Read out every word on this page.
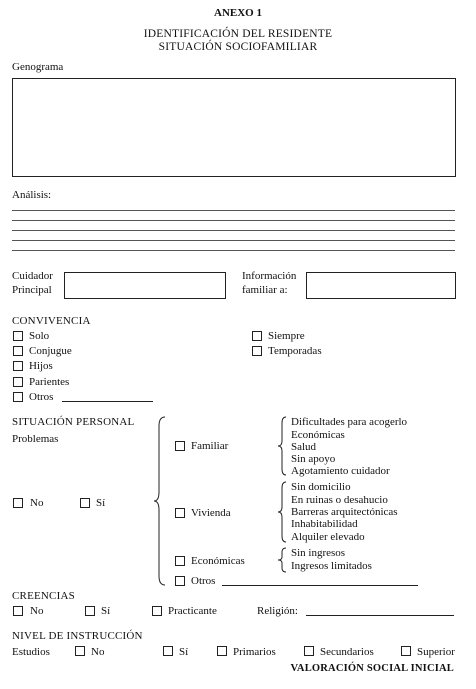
ANEXO 1
IDENTIFICACIÓN DEL RESIDENTE
SITUACIÓN SOCIOFAMILIAR
Genograma
Análisis:
Cuidador
Principal
Información
familiar a:
CONVIVENCIA
Solo
Conjugue
Hijos
Parientes
Otros
Siempre
Temporadas
SITUACIÓN PERSONAL
Problemas
No	Sí
Familiar
Dificultades para acogerlo
Económicas
Salud
Sin apoyo
Agotamiento cuidador
Vivienda
Sin domicilio
En ruinas o desahucio
Barreras arquitectónicas
Inhabitabilidad
Alquiler elevado
Económicas
Sin ingresos
Ingresos limitados
Otros
CREENCIAS
No	Sí	Practicante	Religión:
NIVEL DE INSTRUCCIÓN
Estudios	No	Sí	Primarios	Secundarios	Superior
VALORACIÓN SOCIAL INICIAL
